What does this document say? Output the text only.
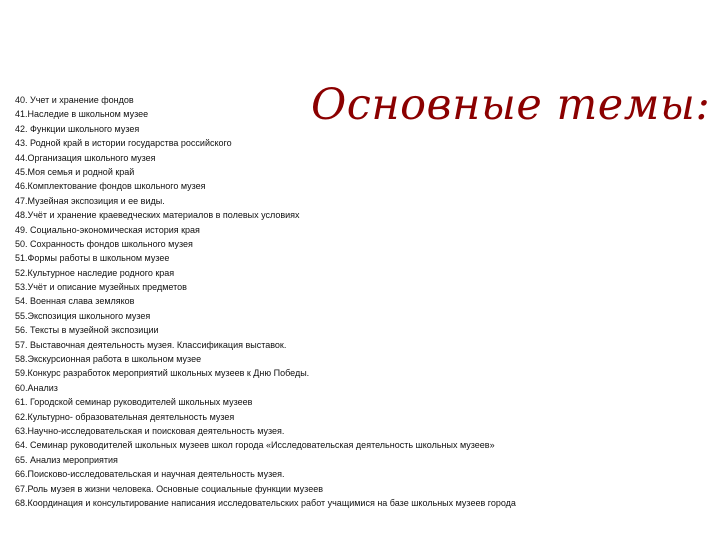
Основные темы:
40. Учет и хранение фондов
41.Наследие в школьном музее
42. Функции школьного музея
43. Родной край в истории государства российского
44.Организация школьного музея
45.Моя семья и родной край
46.Комплектование фондов школьного музея
47.Музейная экспозиция и ее виды.
48.Учёт и хранение краеведческих материалов в полевых условиях
49. Социально-экономическая история края
50. Сохранность фондов школьного музея
51.Формы работы в школьном музее
52.Культурное наследие родного края
53.Учёт и описание музейных предметов
54. Военная слава земляков
55.Экспозиция школьного музея
56. Тексты в музейной экспозиции
57. Выставочная деятельность музея. Классификация выставок.
58.Экскурсионная работа в школьном музее
59.Конкурс разработок мероприятий школьных музеев к Дню Победы.
60.Анализ
61. Городской семинар руководителей школьных музеев
62.Культурно- образовательная деятельность музея
63.Научно-исследовательская и поисковая деятельность музея.
64. Семинар руководителей школьных музеев школ города «Исследовательская деятельность школьных музеев»
65. Анализ мероприятия
66.Поисково-исследовательская и научная деятельность музея.
67.Роль музея в жизни человека. Основные социальные функции музеев
68.Координация и консультирование написания исследовательских работ учащимися на базе школьных музеев города
